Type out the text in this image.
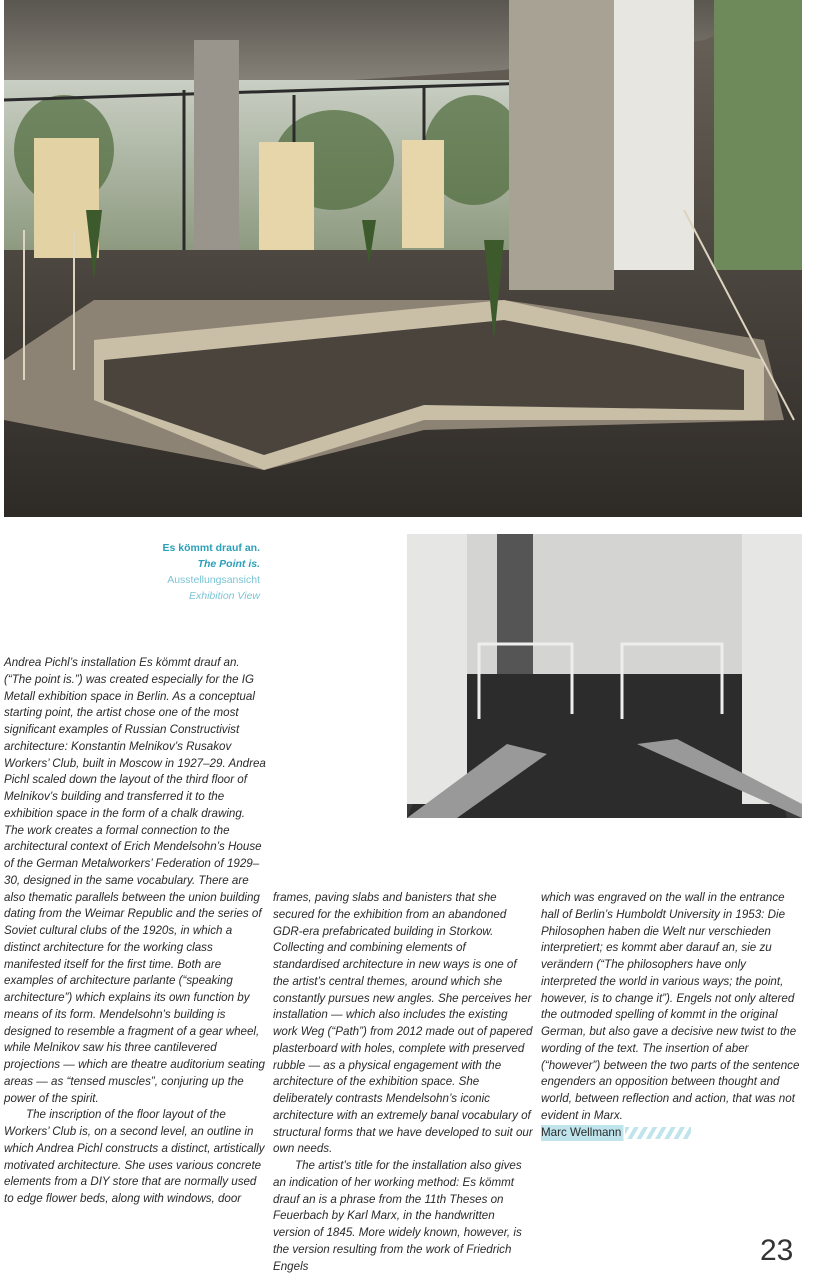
Es kömmt drauf an.
The Point is.
Ausstellungsansicht
Exhibition View

Andrea Pichl’s installation Es kömmt drauf an. (“The point is.”) was created especially for the IG Metall exhibition space in Berlin. As a conceptual starting point, the artist chose one of the most significant examples of Russian Constructivist architecture: Konstantin Melnikov’s Rusakov Workers’ Club, built in Moscow in 1927–29. Andrea Pichl scaled down the layout of the third floor of Melnikov’s building and transferred it to the exhibition space in the form of a chalk drawing. The work creates a formal connection to the architectural context of Erich Mendelsohn’s House of the German Metalworkers’ Federation of 1929–30, designed in the same vocabulary. There are also thematic parallels between the union building dating from the Weimar Republic and the series of Soviet cultural clubs of the 1920s, in which a distinct architecture for the working class manifested itself for the first time. Both are examples of architecture parlante (“speaking architecture”) which explains its own function by means of its form. Mendelsohn’s building is designed to resemble a fragment of a gear wheel, while Melnikov saw his three cantilevered projections — which are theatre auditorium seating areas — as “tensed muscles”, conjuring up the power of the spirit.

The inscription of the floor layout of the Workers’ Club is, on a second level, an outline in which Andrea Pichl constructs a distinct, artistically motivated architecture. She uses various concrete elements from a DIY store that are normally used to edge flower beds, along with windows, door

frames, paving slabs and banisters that she secured for the exhibition from an abandoned GDR-era prefabricated building in Storkow. Collecting and combining elements of standardised architecture in new ways is one of the artist’s central themes, around which she constantly pursues new angles. She perceives her installation — which also includes the existing work Weg (“Path”) from 2012 made out of papered plasterboard with holes, complete with preserved rubble — as a physical engagement with the architecture of the exhibition space. She deliberately contrasts Mendelsohn’s iconic architecture with an extremely banal vocabulary of structural forms that we have developed to suit our own needs.

The artist’s title for the installation also gives an indication of her working method: Es kömmt drauf an is a phrase from the 11th Theses on Feuerbach by Karl Marx, in the handwritten version of 1845. More widely known, however, is the version resulting from the work of Friedrich Engels

which was engraved on the wall in the entrance hall of Berlin’s Humboldt University in 1953: Die Philosophen haben die Welt nur verschieden interpretiert; es kommt aber darauf an, sie zu verändern (“The philosophers have only interpreted the world in various ways; the point, however, is to change it”). Engels not only altered the outmoded spelling of kommt in the original German, but also gave a decisive new twist to the wording of the text. The insertion of aber (“however”) between the two parts of the sentence engenders an opposition between thought and world, between reflection and action, that was not evident in Marx.

Marc Wellmann
23
